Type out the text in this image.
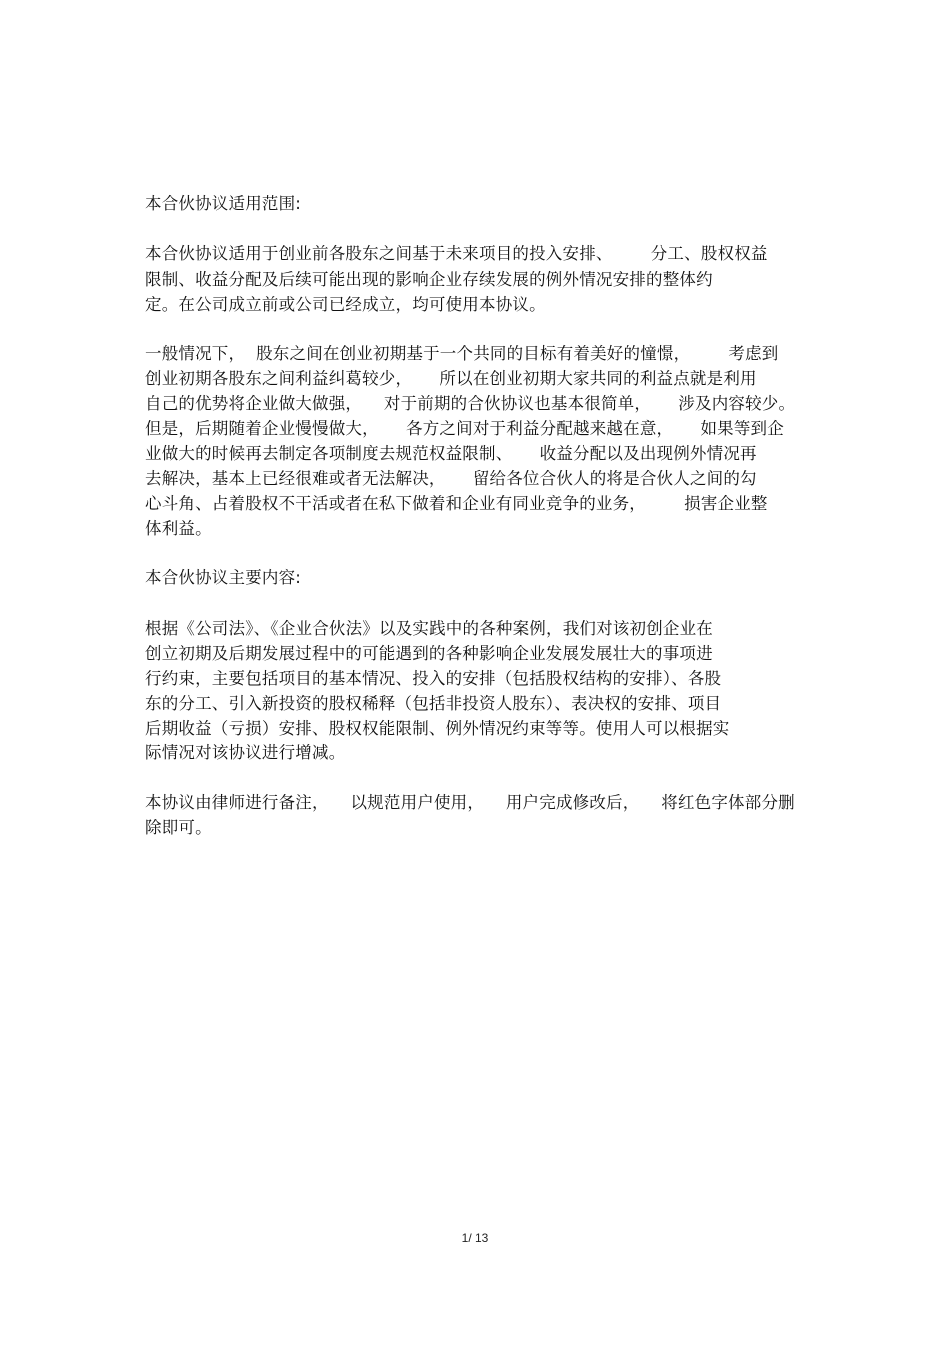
本合伙协议适用范围:
本合伙协议适用于创业前各股东之间基于未来项目的投入安排、       分工、股权权益
限制、收益分配及后续可能出现的影响企业存续发展的例外情况安排的整体约
定。在公司成立前或公司已经成立，均可使用本协议。
一般情况下，  股东之间在创业初期基于一个共同的目标有着美好的憧憬，       考虑到
创业初期各股东之间利益纠葛较少，     所以在创业初期大家共同的利益点就是利用
自己的优势将企业做大做强，    对于前期的合伙协议也基本很简单，     涉及内容较少。
但是，后期随着企业慢慢做大，     各方之间对于利益分配越来越在意，     如果等到企
业做大的时候再去制定各项制度去规范权益限制、     收益分配以及出现例外情况再
去解决，基本上已经很难或者无法解决，     留给各位合伙人的将是合伙人之间的勾
心斗角、占着股权不干活或者在私下做着和企业有同业竞争的业务，       损害企业整
体利益。
本合伙协议主要内容:
根据《公司法》、《企业合伙法》以及实践中的各种案例，我们对该初创企业在
创立初期及后期发展过程中的可能遇到的各种影响企业发展发展壮大的事项进
行约束，主要包括项目的基本情况、投入的安排（包括股权结构的安排）、各股
东的分工、引入新投资的股权稀释（包括非投资人股东）、表决权的安排、项目
后期收益（亏损）安排、股权权能限制、例外情况约束等等。使用人可以根据实
际情况对该协议进行增减。
本协议由律师进行备注，    以规范用户使用，    用户完成修改后，    将红色字体部分删
除即可。
1/ 13
